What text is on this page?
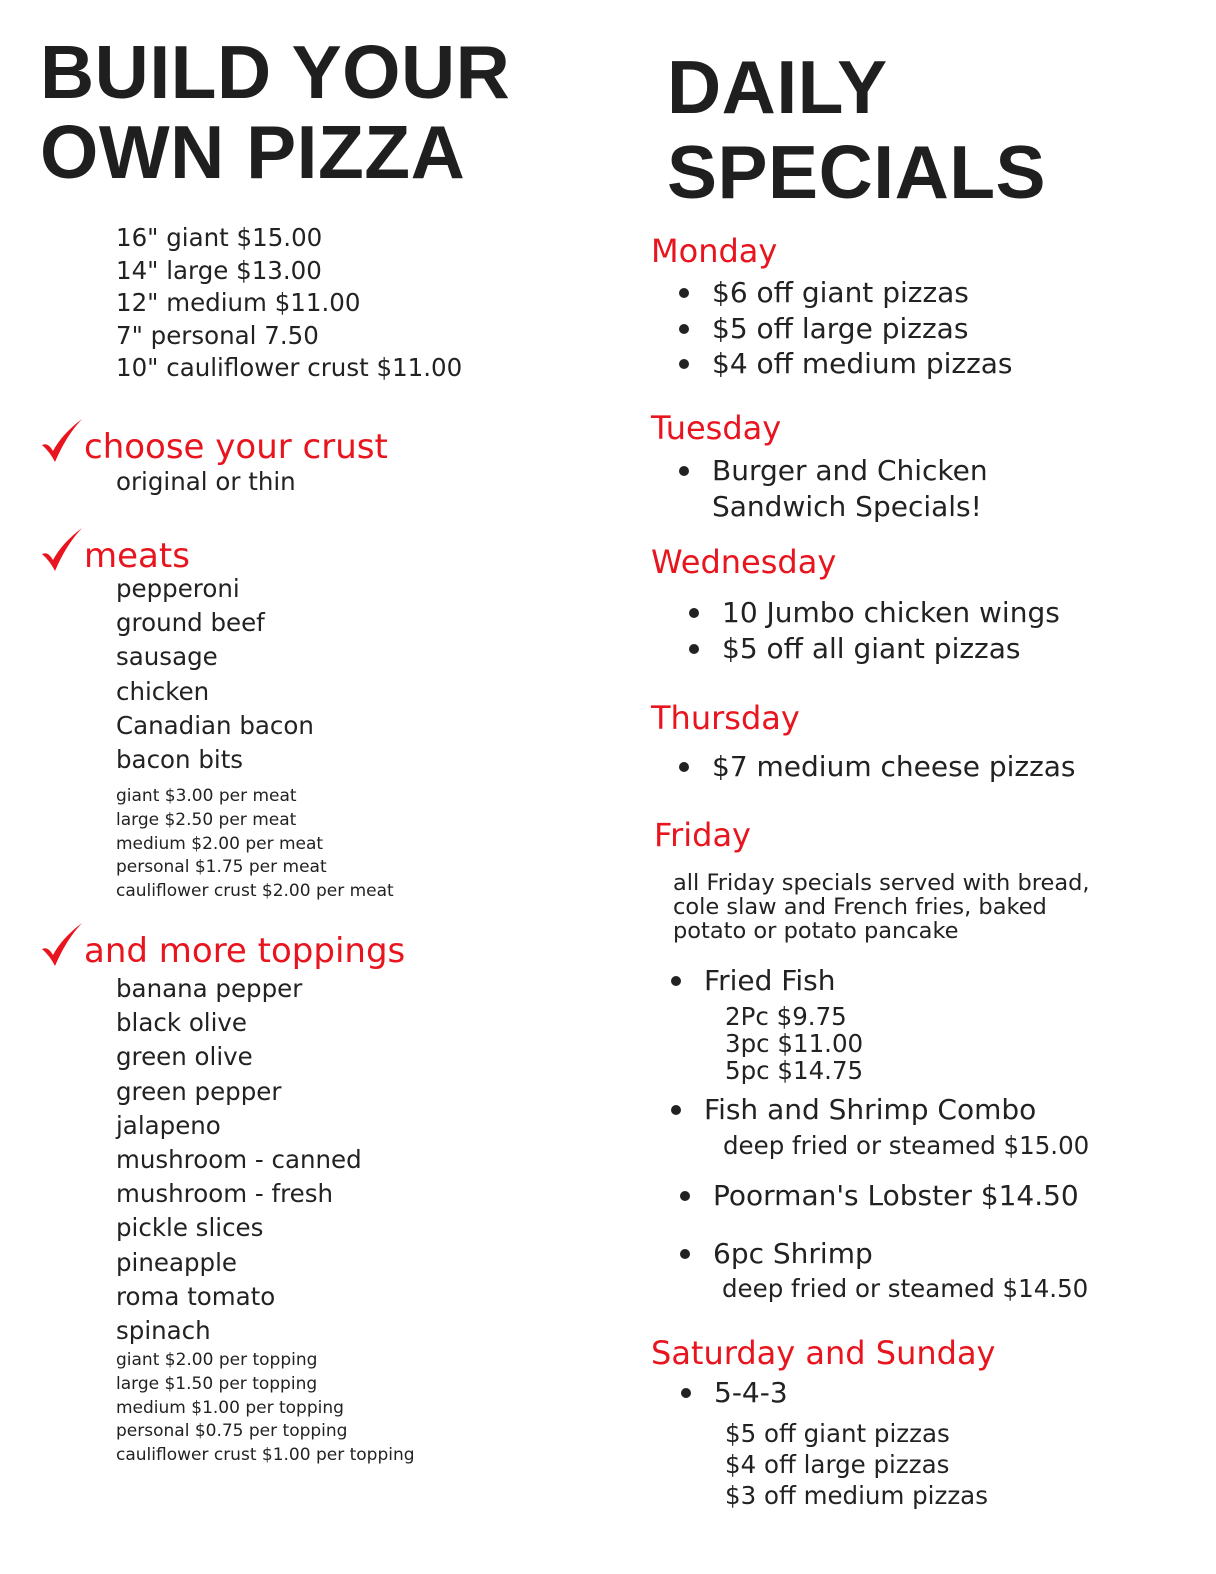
BUILD YOUR
OWN PIZZA
16" giant $15.00
14" large $13.00
12" medium $11.00
7" personal 7.50
10" cauliflower crust $11.00
choose your crust
original or thin
meats
pepperoni
ground beef
sausage
chicken
Canadian bacon
bacon bits
giant $3.00 per meat
large $2.50 per meat
medium $2.00 per meat
personal $1.75 per meat
cauliflower crust $2.00 per meat
and more toppings
banana pepper
black olive
green olive
green pepper
jalapeno
mushroom - canned
mushroom - fresh
pickle slices
pineapple
roma tomato
spinach
giant $2.00 per topping
large $1.50 per topping
medium $1.00 per topping
personal $0.75 per topping
cauliflower crust $1.00 per topping
DAILY
SPECIALS
Monday
$6 off giant pizzas
$5 off large pizzas
$4 off medium pizzas
Tuesday
Burger and Chicken
Sandwich Specials!
Wednesday
10 Jumbo chicken wings
$5 off all giant pizzas
Thursday
$7 medium cheese pizzas
Friday
all Friday specials served with bread,
cole slaw and French fries, baked
potato or potato pancake
Fried Fish
2Pc $9.75
3pc $11.00
5pc $14.75
Fish and Shrimp Combo
deep fried or steamed $15.00
Poorman's Lobster $14.50
6pc Shrimp
deep fried or steamed $14.50
Saturday and Sunday
5-4-3
$5 off giant pizzas
$4 off large pizzas
$3 off medium pizzas
